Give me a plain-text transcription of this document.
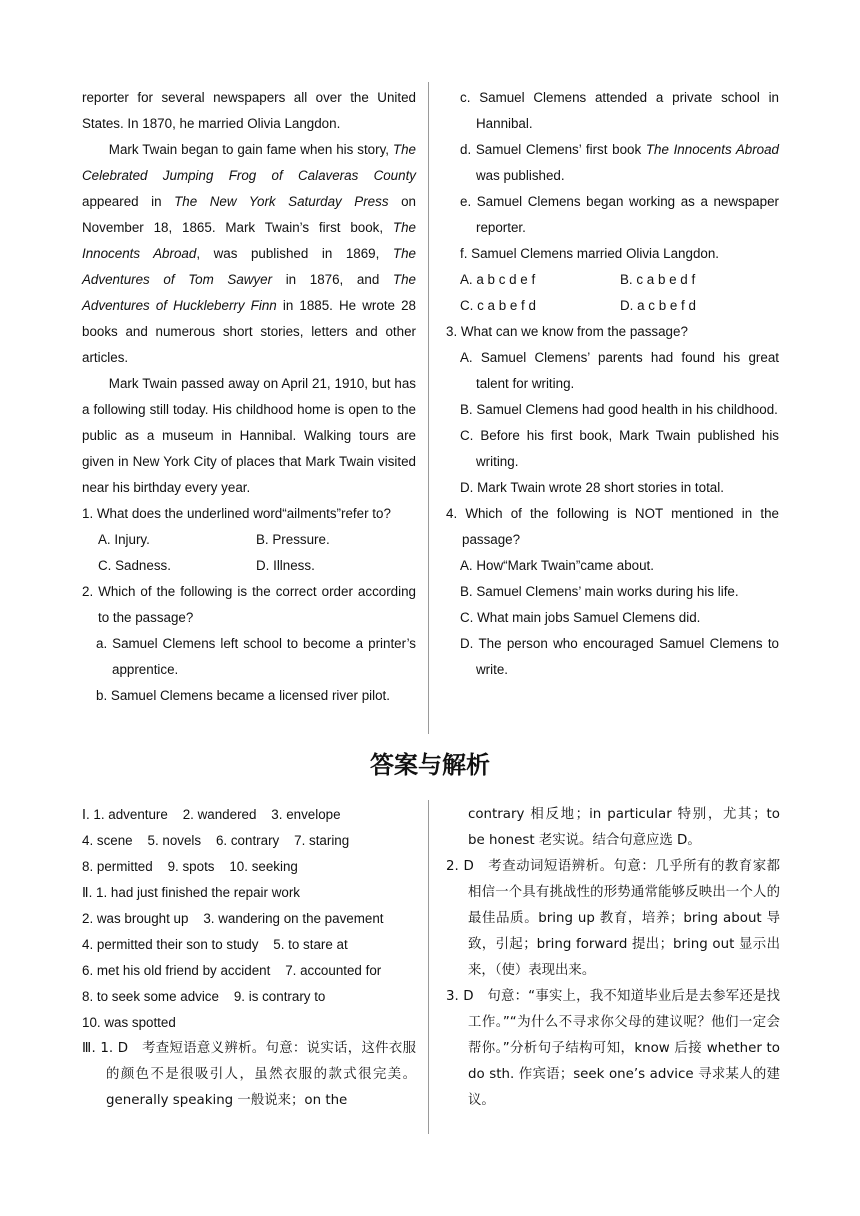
reporter for several newspapers all over the United

States. In 1870, he married Olivia Langdon.

Mark Twain began to gain fame when his story, The Celebrated Jumping Frog of Calaveras County appeared in The New York Saturday Press on November 18, 1865. Mark Twain’s first book, The Innocents Abroad, was published in 1869, The Adventures of Tom Sawyer in 1876, and The Adventures of Huckleberry Finn in 1885. He wrote 28 books and numerous short stories, letters and other articles.

Mark Twain passed away on April 21, 1910, but has a following still today. His childhood home is open to the public as a museum in Hannibal. Walking tours are given in New York City of places that Mark Twain visited near his birthday every year.

1. What does the underlined word“ailments”refer to?

A. Injury.	B. Pressure.
C. Sadness.	D. Illness.

2. Which of the following is the correct order according to the passage?

a. Samuel Clemens left school to become a printer’s apprentice.

b. Samuel Clemens became a licensed river pilot.

c. Samuel Clemens attended a private school in Hannibal.

d. Samuel Clemens’ first book The Innocents Abroad was published.

e. Samuel Clemens began working as a newspaper reporter.

f. Samuel Clemens married Olivia Langdon.

A. a b c d e f	B. c a b e d f
C. c a b e f d	D. a c b e f d

3. What can we know from the passage?

A. Samuel Clemens’ parents had found his great talent for writing.

B. Samuel Clemens had good health in his childhood.

C. Before his first book, Mark Twain published his writing.

D. Mark Twain wrote 28 short stories in total.

4. Which of the following is NOT mentioned in the passage?

A. How“Mark Twain”came about.

B. Samuel Clemens’ main works during his life.

C. What main jobs Samuel Clemens did.

D. The person who encouraged Samuel Clemens to write.

答案与解析

Ⅰ. 1. adventure    2. wandered    3. envelope

4. scene    5. novels    6. contrary    7. staring

8. permitted    9. spots    10. seeking

Ⅱ. 1. had just finished the repair work

2. was brought up    3. wandering on the pavement

4. permitted their son to study    5. to stare at

6. met his old friend by accident    7. accounted for

8. to seek some advice    9. is contrary to

10. was spotted

Ⅲ. 1. D　考查短语意义辨析。句意：说实话，这件衣服的颜色不是很吸引人，虽然衣服的款式很完美。generally speaking 一般说来；on the

contrary 相反地；in particular 特别，尤其；to be honest 老实说。结合句意应选 D。

2. D　考查动词短语辨析。句意：几乎所有的教育家都相信一个具有挑战性的形势通常能够反映出一个人的最佳品质。bring up 教育，培养；bring about 导致，引起；bring forward 提出；bring out 显示出来，（使）表现出来。

3. D　句意：“事实上，我不知道毕业后是去参军还是找工作。”“为什么不寻求你父母的建议呢？他们一定会帮你。”分析句子结构可知，know 后接 whether to do sth. 作宾语；seek one’s advice 寻求某人的建议。
